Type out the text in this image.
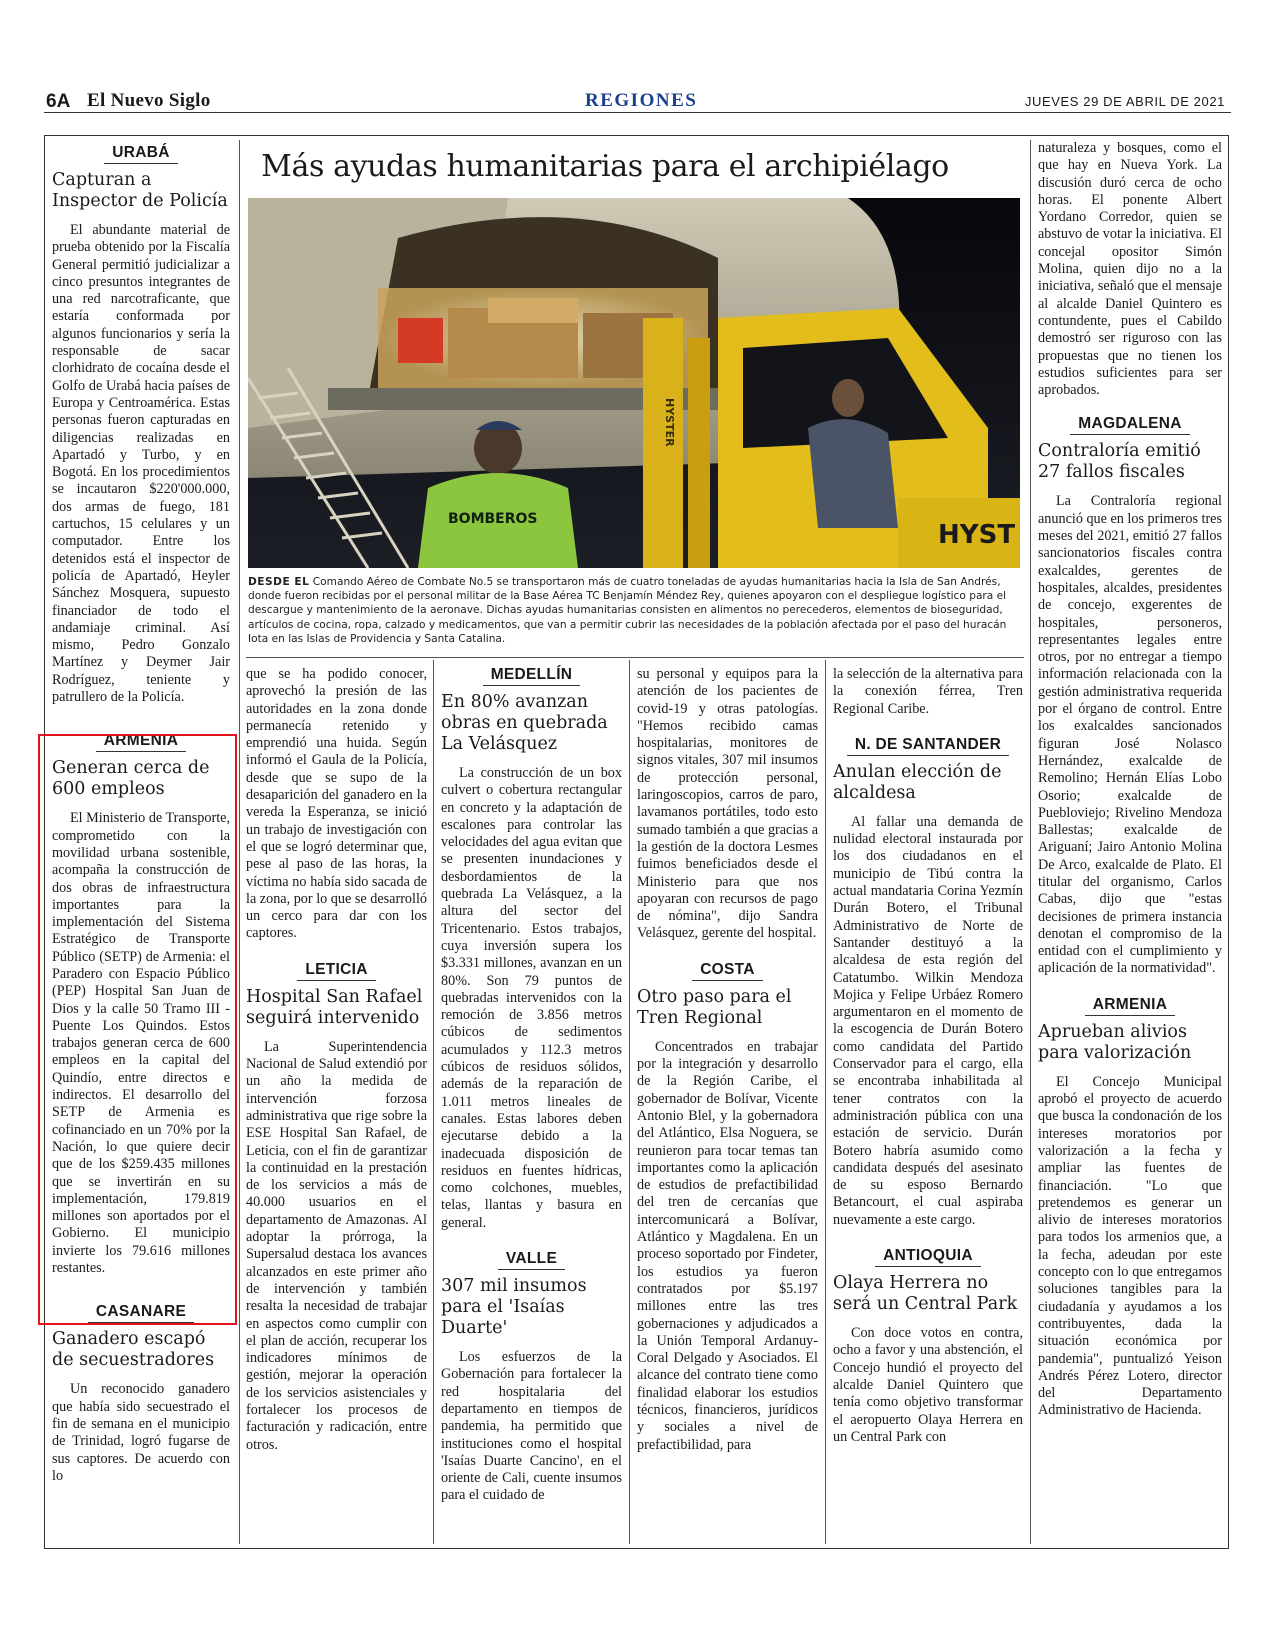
6A El Nuevo Siglo	REGIONES	JUEVES 29 DE ABRIL DE 2021
Más ayudas humanitarias para el archipiélago
HYSTER
HYST
BOMBEROS
DESDE EL Comando Aéreo de Combate No.5 se transportaron más de cuatro toneladas de ayudas humanitarias hacia la Isla de San Andrés, donde fueron recibidas por el personal militar de la Base Aérea TC Benjamín Méndez Rey, quienes apoyaron con el despliegue logístico para el descargue y mantenimiento de la aeronave. Dichas ayudas humanitarias consisten en alimentos no perecederos, elementos de bioseguridad, artículos de cocina, ropa, calzado y medicamentos, que van a permitir cubrir las necesidades de la población afectada por el paso del huracán Iota en las Islas de Providencia y Santa Catalina.
URABÁ
Capturan a Inspector de Policía

El abundante material de prueba obtenido por la Fiscalía General permitió judicializar a cinco presuntos integrantes de una red narcotraficante, que estaría conformada por algunos funcionarios y sería la responsable de sacar clorhidrato de cocaína desde el Golfo de Urabá hacia países de Europa y Centroamérica. Estas personas fueron capturadas en diligencias realizadas en Apartadó y Turbo, y en Bogotá. En los procedimientos se incautaron $220'000.000, dos armas de fuego, 181 cartuchos, 15 celulares y un computador. Entre los detenidos está el inspector de policía de Apartadó, Heyler Sánchez Mosquera, supuesto financiador de todo el andamiaje criminal. Así mismo, Pedro Gonzalo Martínez y Deymer Jair Rodríguez, teniente y patrullero de la Policía.

ARMENIA
Generan cerca de 600 empleos

El Ministerio de Transporte, comprometido con la movilidad urbana sostenible, acompaña la construcción de dos obras de infraestructura importantes para la implementación del Sistema Estratégico de Transporte Público (SETP) de Armenia: el Paradero con Espacio Público (PEP) Hospital San Juan de Dios y la calle 50 Tramo III - Puente Los Quindos. Estos trabajos generan cerca de 600 empleos en la capital del Quindío, entre directos e indirectos. El desarrollo del SETP de Armenia es cofinanciado en un 70% por la Nación, lo que quiere decir que de los $259.435 millones que se invertirán en su implementación, 179.819 millones son aportados por el Gobierno. El municipio invierte los 79.616 millones restantes.

CASANARE
Ganadero escapó de secuestradores

Un reconocido ganadero que había sido secuestrado el fin de semana en el municipio de Trinidad, logró fugarse de sus captores. De acuerdo con lo

que se ha podido conocer, aprovechó la presión de las autoridades en la zona donde permanecía retenido y emprendió una huida. Según informó el Gaula de la Policía, desde que se supo de la desaparición del ganadero en la vereda la Esperanza, se inició un trabajo de investigación con el que se logró determinar que, pese al paso de las horas, la víctima no había sido sacada de la zona, por lo que se desarrolló un cerco para dar con los captores.

LETICIA
Hospital San Rafael seguirá intervenido

La Superintendencia Nacional de Salud extendió por un año la medida de intervención forzosa administrativa que rige sobre la ESE Hospital San Rafael, de Leticia, con el fin de garantizar la continuidad en la prestación de los servicios a más de 40.000 usuarios en el departamento de Amazonas. Al adoptar la prórroga, la Supersalud destaca los avances alcanzados en este primer año de intervención y también resalta la necesidad de trabajar en aspectos como cumplir con el plan de acción, recuperar los indicadores mínimos de gestión, mejorar la operación de los servicios asistenciales y fortalecer los procesos de facturación y radicación, entre otros.

MEDELLÍN
En 80% avanzan obras en quebrada La Velásquez

La construcción de un box culvert o cobertura rectangular en concreto y la adaptación de escalones para controlar las velocidades del agua evitan que se presenten inundaciones y desbordamientos de la quebrada La Velásquez, a la altura del sector del Tricentenario. Estos trabajos, cuya inversión supera los $3.331 millones, avanzan en un 80%. Son 79 puntos de quebradas intervenidos con la remoción de 3.856 metros cúbicos de sedimentos acumulados y 112.3 metros cúbicos de residuos sólidos, además de la reparación de 1.011 metros lineales de canales. Estas labores deben ejecutarse debido a la inadecuada disposición de residuos en fuentes hídricas, como colchones, muebles, telas, llantas y basura en general.

VALLE
307 mil insumos para el 'Isaías Duarte'

Los esfuerzos de la Gobernación para fortalecer la red hospitalaria del departamento en tiempos de pandemia, ha permitido que instituciones como el hospital 'Isaías Duarte Cancino', en el oriente de Cali, cuente insumos para el cuidado de

su personal y equipos para la atención de los pacientes de covid-19 y otras patologías. "Hemos recibido camas hospitalarias, monitores de signos vitales, 307 mil insumos de protección personal, laringoscopios, carros de paro, lavamanos portátiles, todo esto sumado también a que gracias a la gestión de la doctora Lesmes fuimos beneficiados desde el Ministerio para que nos apoyaran con recursos de pago de nómina", dijo Sandra Velásquez, gerente del hospital.

COSTA
Otro paso para el Tren Regional

Concentrados en trabajar por la integración y desarrollo de la Región Caribe, el gobernador de Bolívar, Vicente Antonio Blel, y la gobernadora del Atlántico, Elsa Noguera, se reunieron para tocar temas tan importantes como la aplicación de estudios de prefactibilidad del tren de cercanías que intercomunicará a Bolívar, Atlántico y Magdalena. En un proceso soportado por Findeter, los estudios ya fueron contratados por $5.197 millones entre las tres gobernaciones y adjudicados a la Unión Temporal Ardanuy-Coral Delgado y Asociados. El alcance del contrato tiene como finalidad elaborar los estudios técnicos, financieros, jurídicos y sociales a nivel de prefactibilidad, para

la selección de la alternativa para la conexión férrea, Tren Regional Caribe.

N. DE SANTANDER
Anulan elección de alcaldesa

Al fallar una demanda de nulidad electoral instaurada por los dos ciudadanos en el municipio de Tibú contra la actual mandataria Corina Yezmín Durán Botero, el Tribunal Administrativo de Norte de Santander destituyó a la alcaldesa de esta región del Catatumbo. Wilkin Mendoza Mojica y Felipe Urbáez Romero argumentaron en el momento de la escogencia de Durán Botero como candidata del Partido Conservador para el cargo, ella se encontraba inhabilitada al tener contratos con la administración pública con una estación de servicio. Durán Botero habría asumido como candidata después del asesinato de su esposo Bernardo Betancourt, el cual aspiraba nuevamente a este cargo.

ANTIOQUIA
Olaya Herrera no será un Central Park

Con doce votos en contra, ocho a favor y una abstención, el Concejo hundió el proyecto del alcalde Daniel Quintero que tenía como objetivo transformar el aeropuerto Olaya Herrera en un Central Park con

naturaleza y bosques, como el que hay en Nueva York. La discusión duró cerca de ocho horas. El ponente Albert Yordano Corredor, quien se abstuvo de votar la iniciativa. El concejal opositor Simón Molina, quien dijo no a la iniciativa, señaló que el mensaje al alcalde Daniel Quintero es contundente, pues el Cabildo demostró ser riguroso con las propuestas que no tienen los estudios suficientes para ser aprobados.

MAGDALENA
Contraloría emitió 27 fallos fiscales

La Contraloría regional anunció que en los primeros tres meses del 2021, emitió 27 fallos sancionatorios fiscales contra exalcaldes, gerentes de hospitales, alcaldes, presidentes de concejo, exgerentes de hospitales, personeros, representantes legales entre otros, por no entregar a tiempo información relacionada con la gestión administrativa requerida por el órgano de control. Entre los exalcaldes sancionados figuran José Nolasco Hernández, exalcalde de Remolino; Hernán Elías Lobo Osorio; exalcalde de Puebloviejo; Rivelino Mendoza Ballestas; exalcalde de Ariguaní; Jairo Antonio Molina De Arco, exalcalde de Plato. El titular del organismo, Carlos Cabas, dijo que "estas decisiones de primera instancia denotan el compromiso de la entidad con el cumplimiento y aplicación de la normatividad".

ARMENIA
Aprueban alivios para valorización

El Concejo Municipal aprobó el proyecto de acuerdo que busca la condonación de los intereses moratorios por valorización a la fecha y ampliar las fuentes de financiación. "Lo que pretendemos es generar un alivio de intereses moratorios para todos los armenios que, a la fecha, adeudan por este concepto con lo que entregamos soluciones tangibles para la ciudadanía y ayudamos a los contribuyentes, dada la situación económica por pandemia", puntualizó Yeison Andrés Pérez Lotero, director del Departamento Administrativo de Hacienda.
